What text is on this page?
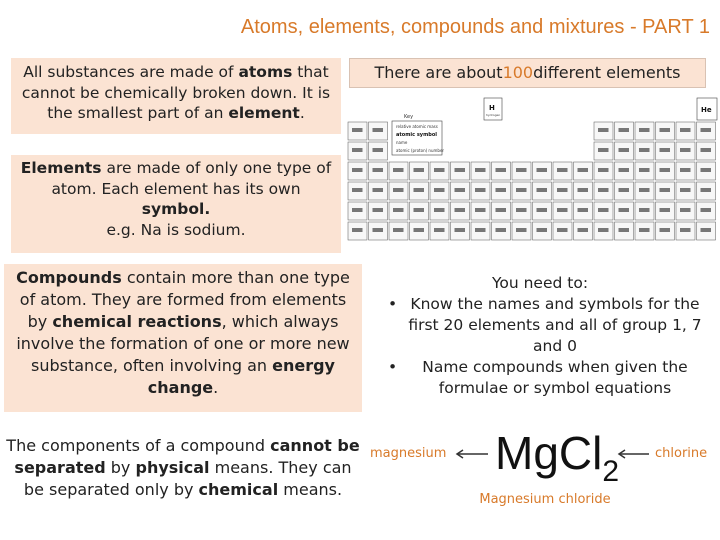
Atoms, elements, compounds and mixtures - PART 1
All substances are made of atoms that cannot be chemically broken down. It is the smallest part of an element.
Elements are made of only one type of atom. Each element has its own symbol.
e.g. Na is sodium.
Compounds contain more than one type of atom. They are formed from elements by chemical reactions, which always involve the formation of one or more new substance, often involving an energy change.
The components of a compound cannot be separated by physical means. They can be separated only by chemical means.
There are about 100 different elements
Key
relative atomic mass
atomic symbol
name
atomic (proton) number
H
hydrogen
He
You need to:
• Know the names and symbols for the first 20 elements and all of group 1, 7 and 0
• Name compounds when given the formulae or symbol equations
magnesium MgCl$_2$
chlorine
Magnesium chloride
